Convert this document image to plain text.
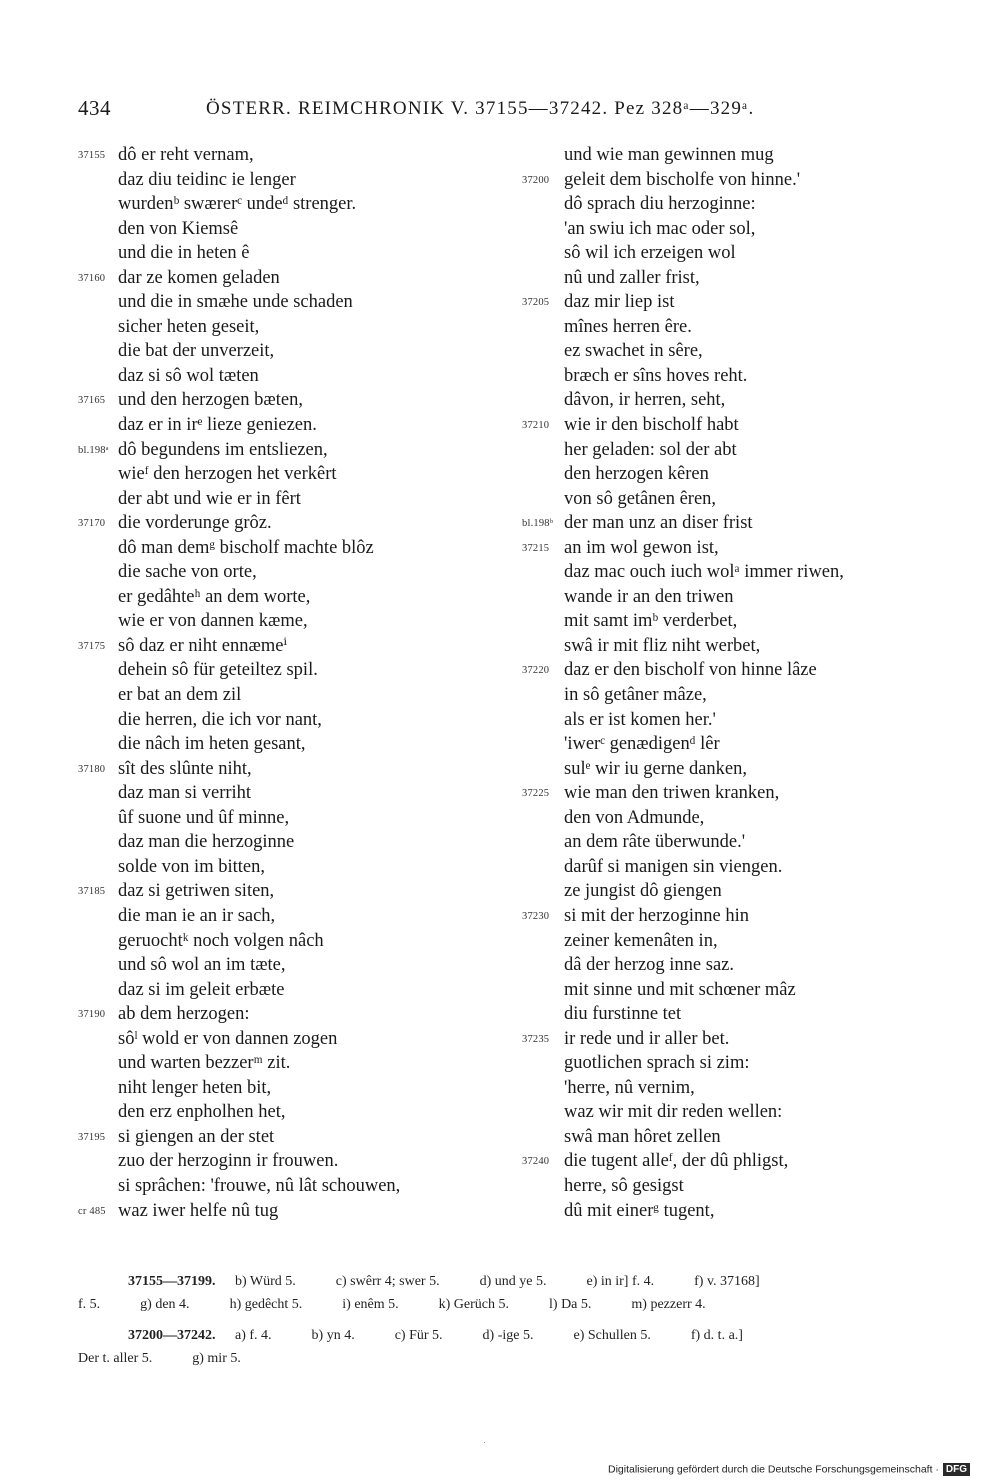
434	ÖSTERR. REIMCHRONIK V. 37155—37242. Pez 328ᵃ—329ᵃ.
37155 dô er reht vernam,
daz diu teidinc ie lenger
wurdenᵇ swærerᶜ undeᵈ strenger.
den von Kiemsê
und die in heten ê
37160 dar ze komen geladen
und die in smæhe unde schaden
sicher heten geseit,
die bat der unverzeit,
daz si sô wol tæten
37165 und den herzogen bæten,
daz er in irᵉ lieze geniezen.
bl.198ᵃ dô begundens im entsliezen,
wieᶠ den herzogen het verkêrt
der abt und wie er in fêrt
37170 die vorderunge grôz.
dô man demᵍ bischolf machte blôz
die sache von orte,
er gedâhteʰ an dem worte,
wie er von dannen kæme,
37175 sô daz er niht ennæmeⁱ
dehein sô für geteiltez spil.
er bat an dem zil
die herren, die ich vor nant,
die nâch im heten gesant,
37180 sît des slûnte niht,
daz man si verriht
ûf suone und ûf minne,
daz man die herzoginne
solde von im bitten,
37185 daz si getriwen siten,
die man ie an ir sach,
geruochtᵏ noch volgen nâch
und sô wol an im tæte,
daz si im geleit erbæte
37190 ab dem herzogen:
sôˡ wold er von dannen zogen
und warten bezzerᵐ zit.
niht lenger heten bit,
den erz enpholhen het,
37195 si giengen an der stet
zuo der herzoginn ir frouwen.
si sprâchen: 'frouwe, nû lât schouwen,
cr 485 waz iwer helfe nû tug
und wie man gewinnen mug
37200 geleit dem bischolfe von hinne.'
dô sprach diu herzoginne:
'an swiu ich mac oder sol,
sô wil ich erzeigen wol
nû und zaller frist,
37205 daz mir liep ist
mînes herren êre.
ez swachet in sêre,
bræch er sîns hoves reht.
dâvon, ir herren, seht,
37210 wie ir den bischolf habt
her geladen: sol der abt
den herzogen kêren
von sô getânen êren,
bl.198ᵇ der man unz an diser frist
37215 an im wol gewon ist,
daz mac ouch iuch wolᵃ immer riwen,
wande ir an den triwen
mit samt imᵇ verderbet,
swâ ir mit fliz niht werbet,
37220 daz er den bischolf von hinne lâze
in sô getâner mâze,
als er ist komen her.'
'iwerᶜ genædigenᵈ lêr
sulᵉ wir iu gerne danken,
37225 wie man den triwen kranken,
den von Admunde,
an dem râte überwunde.'
darûf si manigen sin viengen.
ze jungist dô giengen
37230 si mit der herzoginne hin
zeiner kemenâten in,
dâ der herzog inne saz.
mit sinne und mit schœner mâz
diu furstinne tet
37235 ir rede und ir aller bet.
guotlichen sprach si zim:
'herre, nû vernim,
waz wir mit dir reden wellen:
swâ man hôret zellen
37240 die tugent alleᶠ, der dû phligst,
herre, sô gesigst
dû mit einerᵍ tugent,
37155—37199. b) Würd 5.	c) swêrr 4; swer 5.	d) und ye 5.	e) in ir] f. 4.	f) v. 37168]
f. 5.	g) den 4.	h) gedêcht 5.	i) enêm 5.	k) Gerüch 5.	l) Da 5.	m) pezzerr 4.
37200—37242. a) f. 4.	b) yn 4.	c) Für 5.	d) -ige 5.	e) Schullen 5.	f) d. t. a.]
Der t. aller 5.	g) mir 5.
Digitalisierung gefördert durch die Deutsche Forschungsgemeinschaft · DFG
